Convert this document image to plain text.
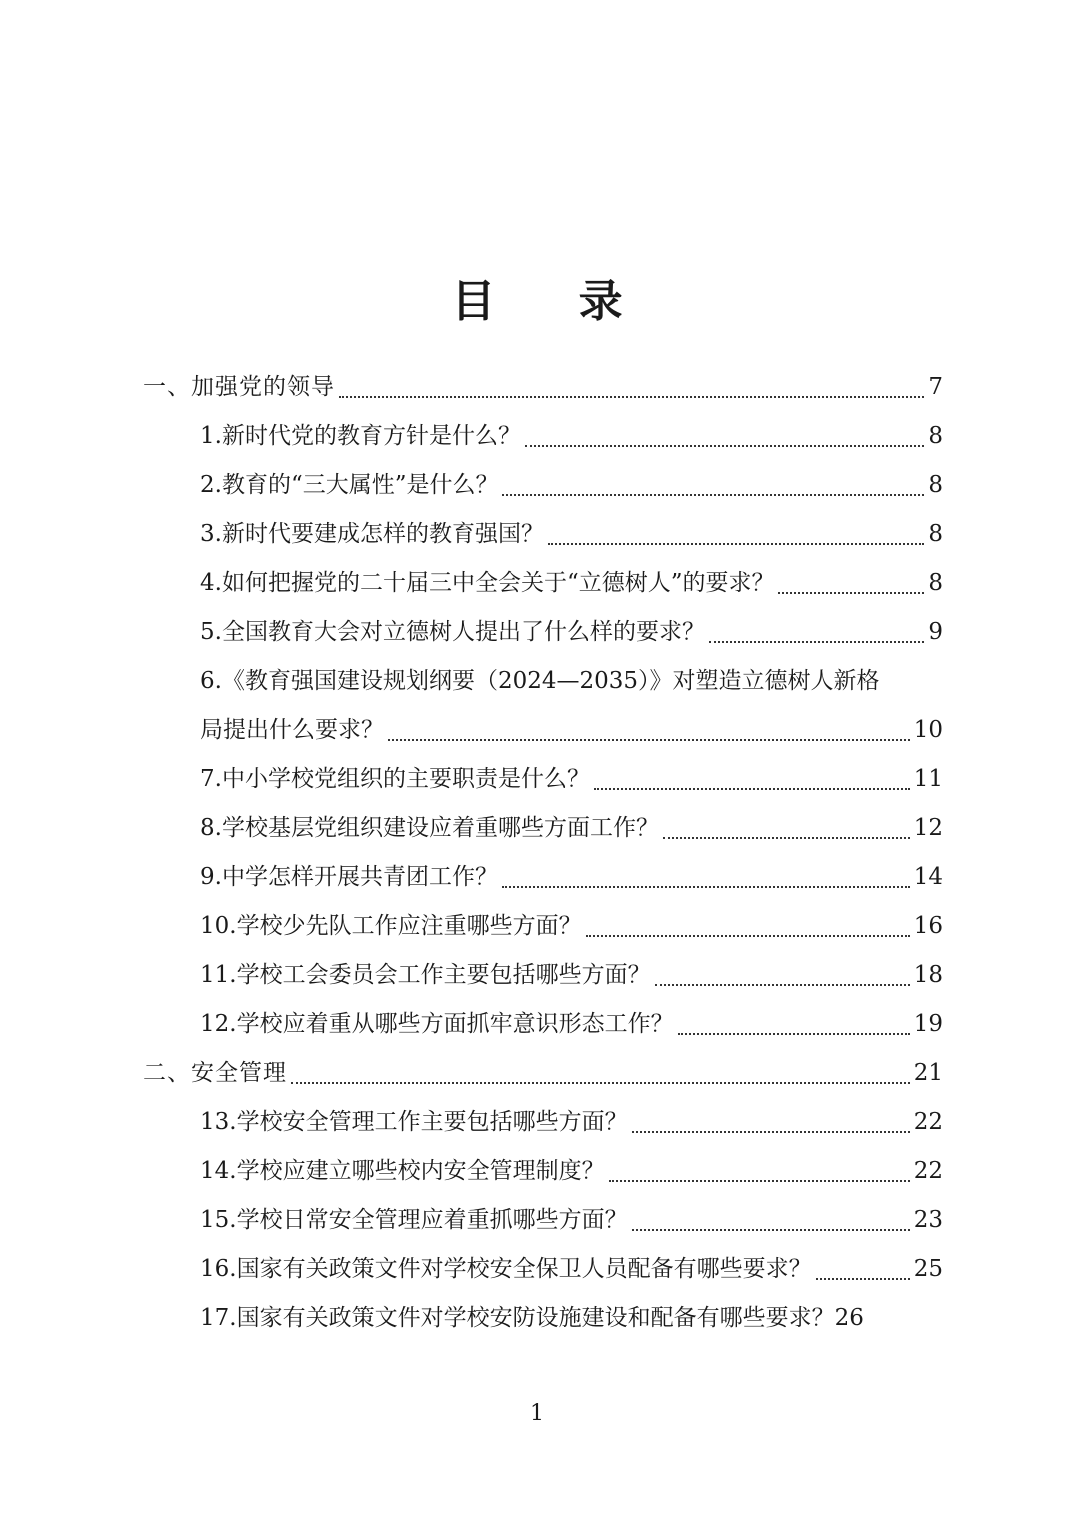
目 录
一、加强党的领导	7
1.新时代党的教育方针是什么？	8
2.教育的“三大属性”是什么？	8
3.新时代要建成怎样的教育强国？	8
4.如何把握党的二十届三中全会关于“立德树人”的要求？	8
5.全国教育大会对立德树人提出了什么样的要求？	9
6.《教育强国建设规划纲要（2024—2035）》对塑造立德树人新格
局提出什么要求？	10
7.中小学校党组织的主要职责是什么？	11
8.学校基层党组织建设应着重哪些方面工作？	12
9.中学怎样开展共青团工作？	14
10.学校少先队工作应注重哪些方面？	16
11.学校工会委员会工作主要包括哪些方面？	18
12.学校应着重从哪些方面抓牢意识形态工作？	19
二、安全管理	21
13.学校安全管理工作主要包括哪些方面？	22
14.学校应建立哪些校内安全管理制度？	22
15.学校日常安全管理应着重抓哪些方面？	23
16.国家有关政策文件对学校安全保卫人员配备有哪些要求？	25
17.国家有关政策文件对学校安防设施建设和配备有哪些要求？ 26
1
